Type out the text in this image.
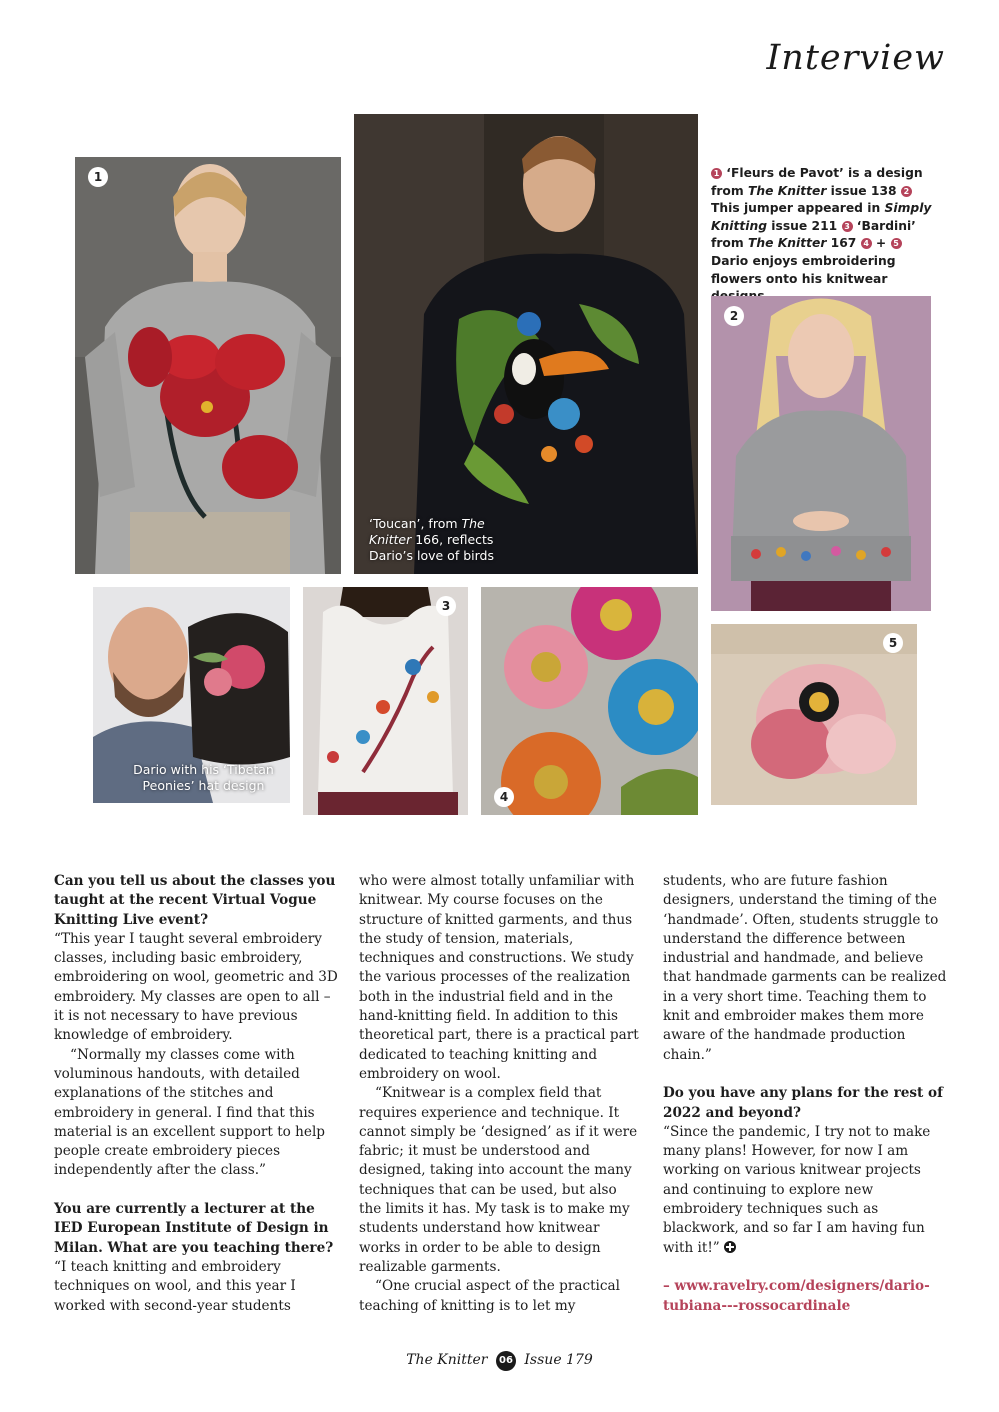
Interview
1
‘Toucan’, from The Knitter 166, reflects Dario’s love of birds
1 ‘Fleurs de Pavot’ is a design from The Knitter issue 138 2 This jumper appeared in Simply Knitting issue 211 3 ‘Bardini’ from The Knitter 167 4 + 5 Dario enjoys embroidering flowers onto his knitwear
2
Dario with his ‘Tibetan Peonies’ hat design
3
4
5

Can you tell us about the classes you taught at the recent Virtual Vogue Knitting Live event?

“This year I taught several embroidery classes, including basic embroidery, embroidering on wool, geometric and 3D embroidery. My classes are open to all – it is not necessary to have previous knowledge of embroidery.

“Normally my classes come with voluminous handouts, with detailed explanations of the stitches and embroidery in general. I find that this material is an excellent support to help people create embroidery pieces independently after the class.”

You are currently a lecturer at the IED European Institute of Design in Milan. What are you teaching there?

“I teach knitting and embroidery techniques on wool, and this year I worked with second-year students

who were almost totally unfamiliar with knitwear. My course focuses on the structure of knitted garments, and thus the study of tension, materials, techniques and constructions. We study the various processes of the realization both in the industrial field and in the hand-knitting field. In addition to this theoretical part, there is a practical part dedicated to teaching knitting and embroidery on wool.

“Knitwear is a complex field that requires experience and technique. It cannot simply be ‘designed’ as if it were fabric; it must be understood and designed, taking into account the many techniques that can be used, but also the limits it has. My task is to make my students understand how knitwear works in order to be able to design realizable garments.

“One crucial aspect of the practical teaching of knitting is to let my

students, who are future fashion designers, understand the timing of the ‘handmade’. Often, students struggle to understand the difference between industrial and handmade, and believe that handmade garments can be realized in a very short time. Teaching them to knit and embroider makes them more aware of the handmade production chain.”

Do you have any plans for the rest of 2022 and beyond?

“Since the pandemic, I try not to make many plans! However, for now I am working on various knitwear projects and continuing to explore new embroidery techniques such as blackwork, and so far I am having fun with it!”

– www.ravelry.com/designers/dario-tubiana---rossocardinale

The Knitter 06 Issue 179
